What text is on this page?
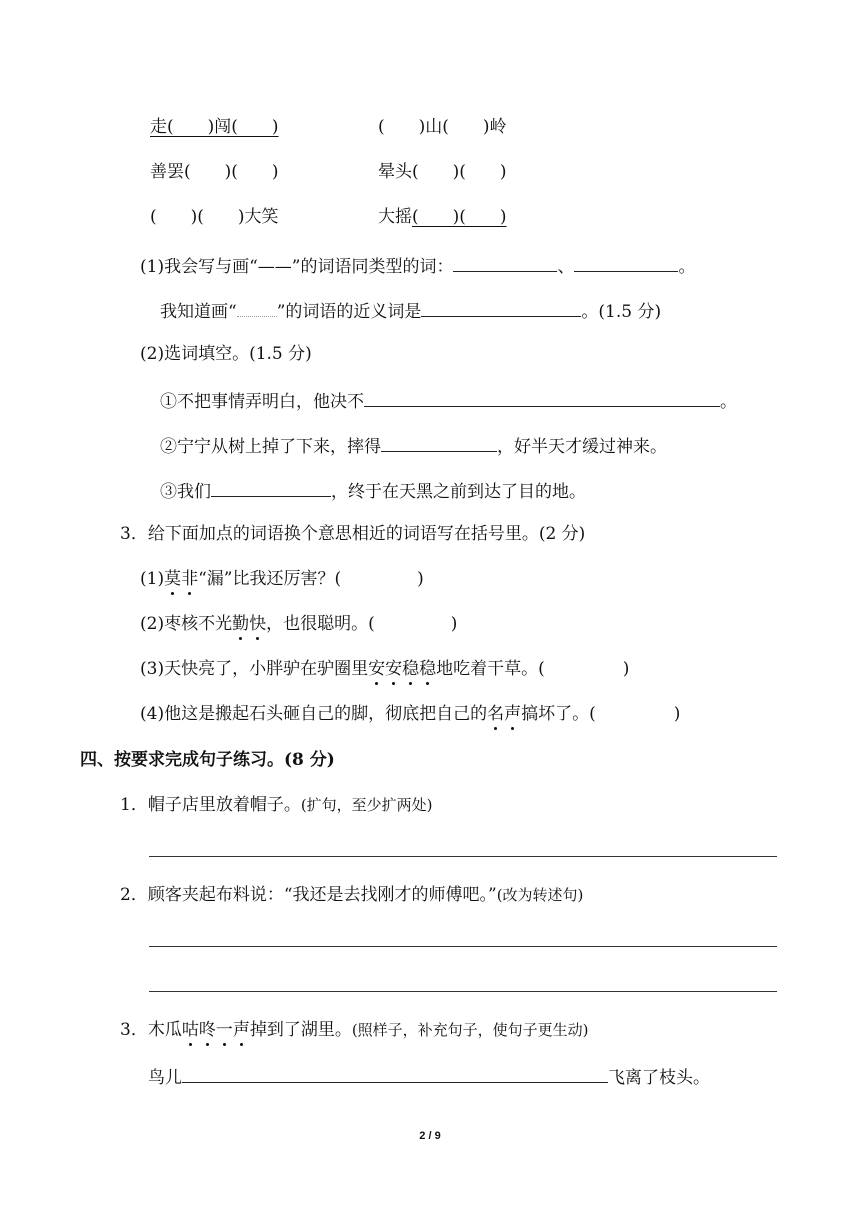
走(　　)闯(　　)	(　　)山(　　)岭
善罢(　　)(　　)	晕头(　　)(　　)
(　　)(　　)大笑	大摇(　　)(　　)
(1)我会写与画“——”的词语同类型的词：	、	。
我知道画“ ”的词语的近义词是	。(1.5 分)
(2)选词填空。(1.5 分)
①不把事情弄明白，他决不	。
②宁宁从树上掉了下来，摔得	，好半天才缓过神来。
③我们	，终于在天黑之前到达了目的地。
3．给下面加点的词语换个意思相近的词语写在括号里。(2 分)
(1)莫非“漏”比我还厉害？(	)
(2)枣核不光勤快，也很聪明。(	)
(3)天快亮了，小胖驴在驴圈里安安稳稳地吃着干草。(	)
(4)他这是搬起石头砸自己的脚，彻底把自己的名声搞坏了。(	)
四、按要求完成句子练习。(8 分)
1．帽子店里放着帽子。(扩句，至少扩两处)
2．顾客夹起布料说：“我还是去找刚才的师傅吧。”(改为转述句)
3．木瓜咕咚一声掉到了湖里。(照样子，补充句子，使句子更生动)
鸟儿	飞离了枝头。
2 / 9
